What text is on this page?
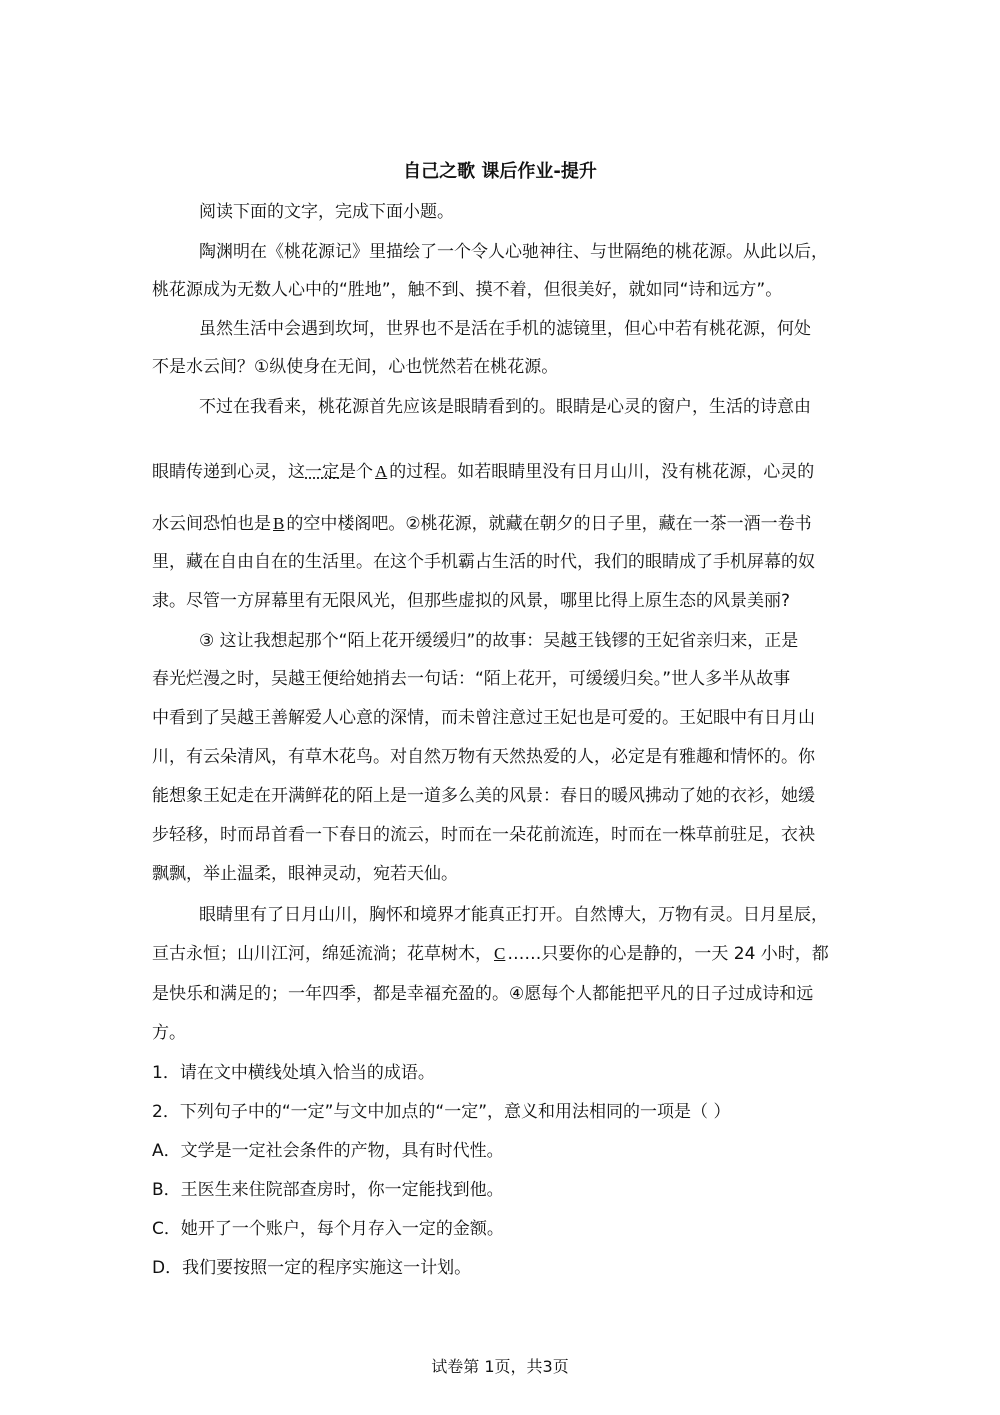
自己之歌 课后作业-提升
阅读下面的文字，完成下面小题。
陶渊明在《桃花源记》里描绘了一个令人心驰神往、与世隔绝的桃花源。从此以后，
桃花源成为无数人心中的“胜地”，触不到、摸不着，但很美好，就如同“诗和远方”。
虽然生活中会遇到坎坷，世界也不是活在手机的滤镜里，但心中若有桃花源，何处
不是水云间？①纵使身在无间，心也恍然若在桃花源。
不过在我看来，桃花源首先应该是眼睛看到的。眼睛是心灵的窗户，生活的诗意由
眼睛传递到心灵，这一定是个 A 的过程。如若眼睛里没有日月山川，没有桃花源，心灵的
水云间恐怕也是 B 的空中楼阁吧。②桃花源，就藏在朝夕的日子里，藏在一茶一酒一卷书
里，藏在自由自在的生活里。在这个手机霸占生活的时代，我们的眼睛成了手机屏幕的奴
隶。尽管一方屏幕里有无限风光，但那些虚拟的风景，哪里比得上原生态的风景美丽?
③ 这让我想起那个“陌上花开缓缓归”的故事：吴越王钱镠的王妃省亲归来，正是
春光烂漫之时，吴越王便给她捎去一句话：“陌上花开，可缓缓归矣。”世人多半从故事
中看到了吴越王善解爱人心意的深情，而未曾注意过王妃也是可爱的。王妃眼中有日月山
川，有云朵清风，有草木花鸟。对自然万物有天然热爱的人，必定是有雅趣和情怀的。你
能想象王妃走在开满鲜花的陌上是一道多么美的风景：春日的暖风拂动了她的衣衫，她缓
步轻移，时而昂首看一下春日的流云，时而在一朵花前流连，时而在一株草前驻足，衣袂
飘飘，举止温柔，眼神灵动，宛若天仙。
眼睛里有了日月山川，胸怀和境界才能真正打开。自然博大，万物有灵。日月星辰，
亘古永恒；山川江河，绵延流淌；花草树木， C ……只要你的心是静的，一天 24 小时，都
是快乐和满足的；一年四季，都是幸福充盈的。④愿每个人都能把平凡的日子过成诗和远
方。
1．请在文中横线处填入恰当的成语。
2．下列句子中的“一定”与文中加点的“一定”，意义和用法相同的一项是（ ）
A．文学是一定社会条件的产物，具有时代性。
B．王医生来住院部查房时，你一定能找到他。
C．她开了一个账户，每个月存入一定的金额。
D．我们要按照一定的程序实施这一计划。
试卷第 1页，共3页
